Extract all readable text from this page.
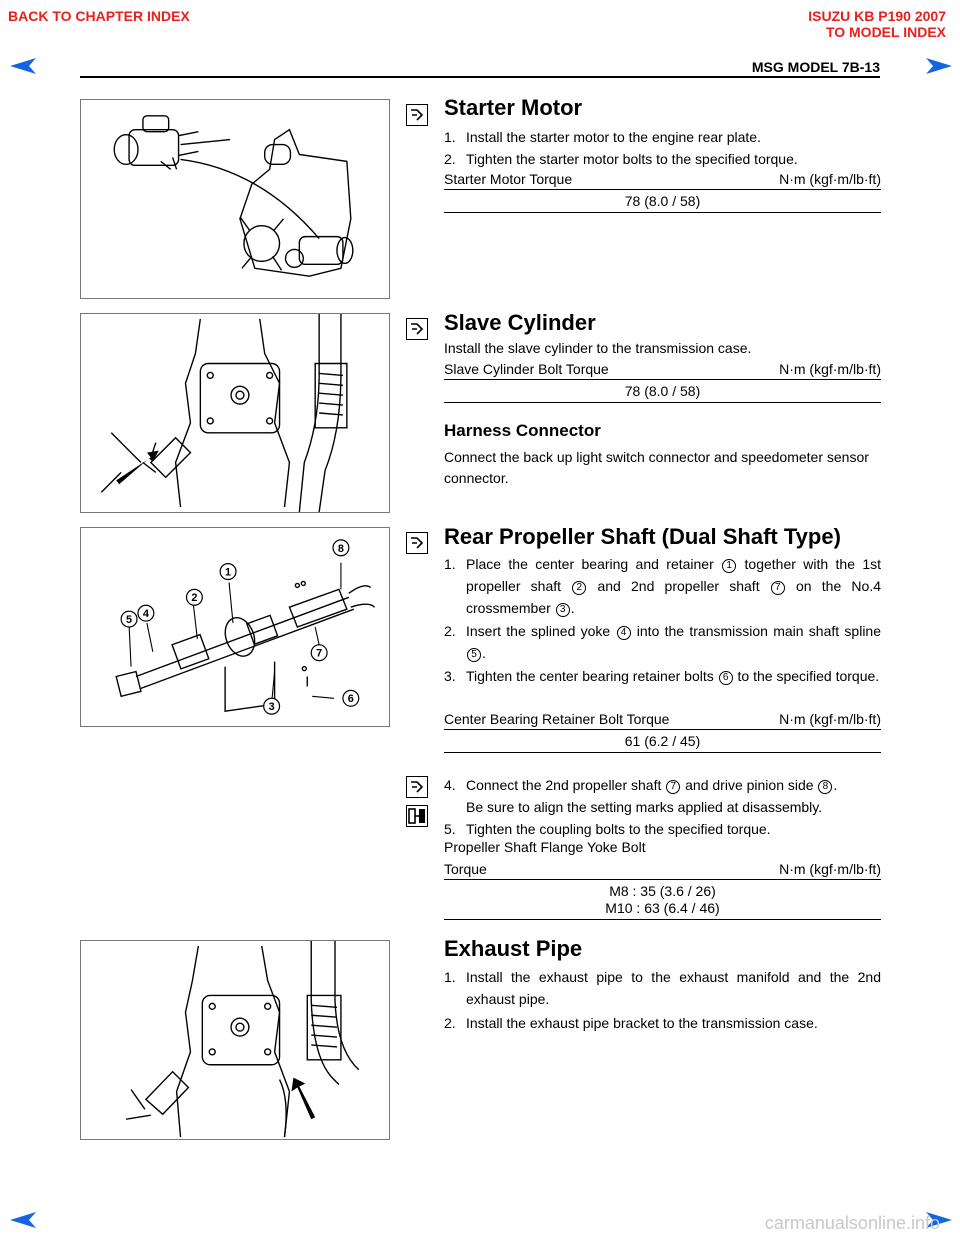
BACK TO CHAPTER INDEX	ISUZU KB P190 2007
TO MODEL INDEX
MSG MODEL 7B-13
Starter Motor
1. Install the starter motor to the engine rear plate.
2. Tighten the starter motor bolts to the specified torque.
Starter Motor Torque	N·m (kgf·m/lb·ft)
78 (8.0 / 58)
Slave Cylinder
Install the slave cylinder to the transmission case.
Slave Cylinder Bolt Torque	N·m (kgf·m/lb·ft)
78 (8.0 / 58)
Harness Connector
Connect the back up light switch connector and speedometer sensor connector.
1
2
3
4
5
6
7
8	Rear Propeller Shaft (Dual Shaft Type)
1. Place the center bearing and retainer 1 together with the 1st propeller shaft 2 and 2nd propeller shaft 7 on the No.4 crossmember 3 .
2. Insert the splined yoke 4 into the transmission main shaft spline 5 .
3. Tighten the center bearing retainer bolts 6 to the specified torque.
Center Bearing Retainer Bolt Torque	N·m (kgf·m/lb·ft)
61 (6.2 / 45)
4. Connect the 2nd propeller shaft 7 and drive pinion side 8 .
Be sure to align the setting marks applied at disassembly.
5. Tighten the coupling bolts to the specified torque.
Propeller Shaft Flange Yoke Bolt
Torque	N·m (kgf·m/lb·ft)
M8 : 35 (3.6 / 26)
M10 : 63 (6.4 / 46)
Exhaust Pipe
1. Install the exhaust pipe to the exhaust manifold and the 2nd exhaust pipe.
2. Install the exhaust pipe bracket to the transmission case.
carmanualsonline.info
